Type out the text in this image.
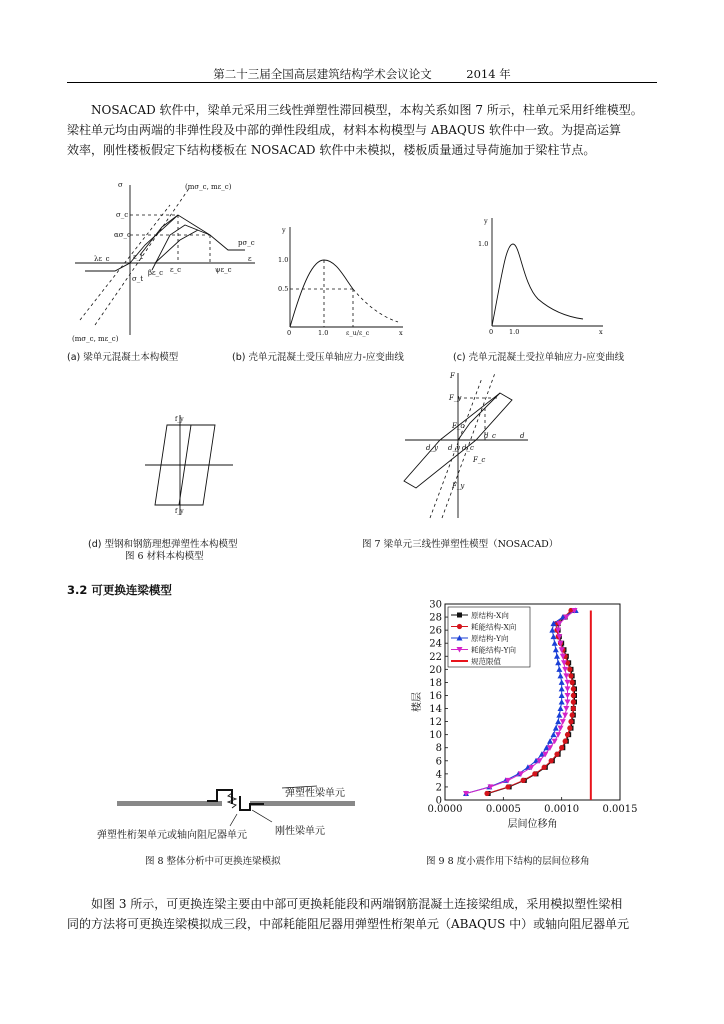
第二十三届全国高层建筑结构学术会议论文　　　2014 年
NOSACAD 软件中，梁单元采用三线性弹塑性滞回模型，本构关系如图 7 所示，柱单元采用纤维模型。
梁柱单元均由两端的非弹性段及中部的弹性段组成，材料本构模型与 ABAQUS 软件中一致。为提高运算
效率，刚性楼板假定下结构楼板在 NOSACAD 软件中未模拟，楼板质量通过导荷施加于梁柱节点。
σ
σ_c
ασ_c
(mσ_c, mε_c)
(mσ_c, mε_c)
λε_c	ε_t
σ_t
βε_c ε_c	ψε_c
pσ_c
ε
(a) 梁单元混凝土本构模型
y
1.0
0.5
0	1.0	ε_u/ε_c	x
(b) 壳单元混凝土受压单轴应力-应变曲线
y
1.0
0 1.0	x
(c) 壳单元混凝土受拉单轴应力-应变曲线
f_y
f_y
(d) 型钢和钢筋理想弹塑性本构模型
图 6 材料本构模型
F
F_y
F_c
F_c
d
d_c
d_y d_y d_c
F_y
图 7 梁单元三线性弹塑性模型（NOSACAD）
3.2 可更换连梁模型
弹塑性梁单元
弹塑性桁架单元或轴向阻尼器单元	刚性梁单元
图 8 整体分析中可更换连梁模拟
0
2
4
6
8
10
12
14
16
18
20
22
24
26
28
30
0.0000 0.0005 0.0010 0.0015
原结构-X向
耗能结构-X向
原结构-Y向
耗能结构-Y向
规范限值
层间位移角
楼层
图 9 8 度小震作用下结构的层间位移角
如图 3 所示，可更换连梁主要由中部可更换耗能段和两端钢筋混凝土连接梁组成，采用模拟塑性梁相
同的方法将可更换连梁模拟成三段，中部耗能阻尼器用弹塑性桁架单元（ABAQUS 中）或轴向阻尼器单元
